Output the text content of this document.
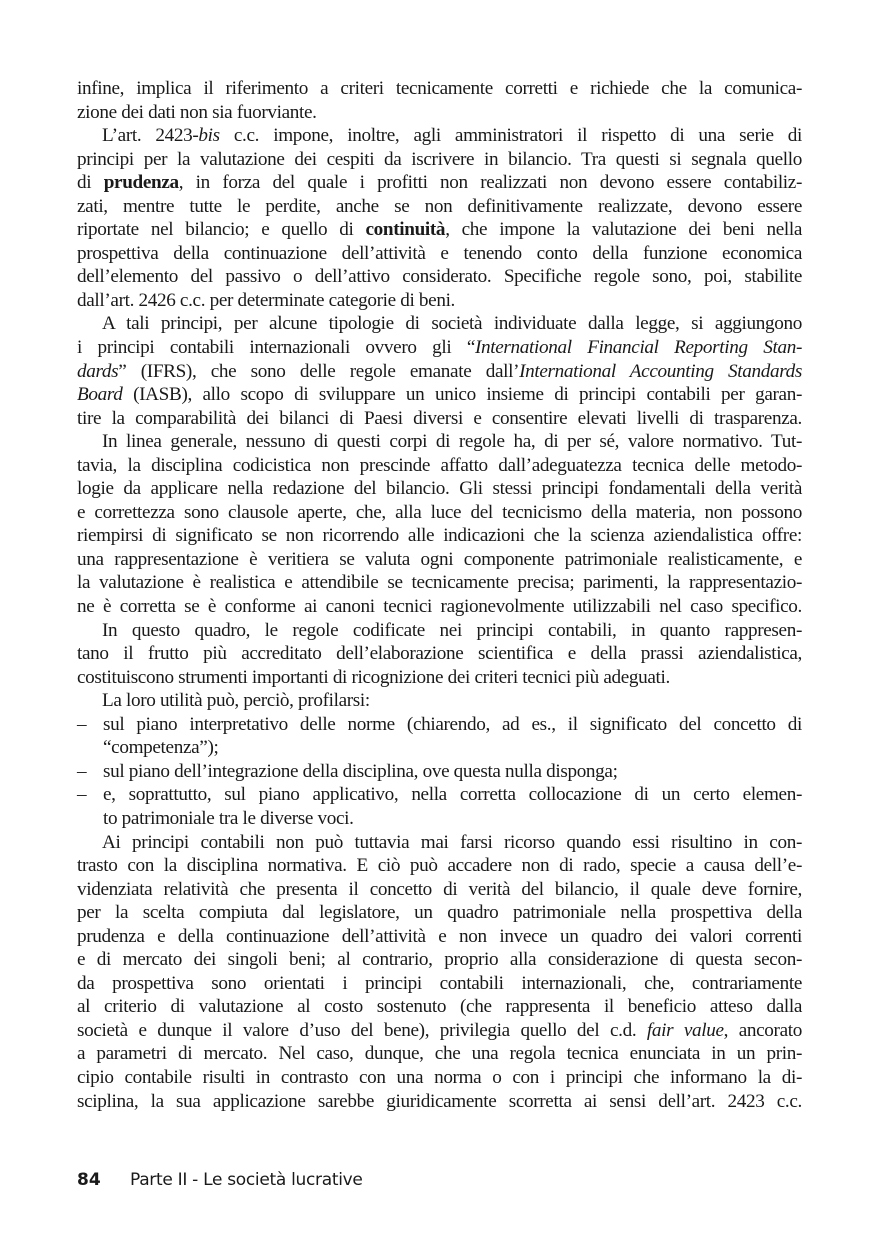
infine, implica il riferimento a criteri tecnicamente corretti e richiede che la comunica-
zione dei dati non sia fuorviante.
L’art. 2423-bis c.c. impone, inoltre, agli amministratori il rispetto di una serie di
principi per la valutazione dei cespiti da iscrivere in bilancio. Tra questi si segnala quello
di prudenza, in forza del quale i profitti non realizzati non devono essere contabiliz-
zati, mentre tutte le perdite, anche se non definitivamente realizzate, devono essere
riportate nel bilancio; e quello di continuità, che impone la valutazione dei beni nella
prospettiva della continuazione dell’attività e tenendo conto della funzione economica
dell’elemento del passivo o dell’attivo considerato. Specifiche regole sono, poi, stabilite
dall’art. 2426 c.c. per determinate categorie di beni.
A tali principi, per alcune tipologie di società individuate dalla legge, si aggiungono
i principi contabili internazionali ovvero gli “International Financial Reporting Stan-
dards” (IFRS), che sono delle regole emanate dall’International Accounting Standards
Board (IASB), allo scopo di sviluppare un unico insieme di principi contabili per garan-
tire la comparabilità dei bilanci di Paesi diversi e consentire elevati livelli di trasparenza.
In linea generale, nessuno di questi corpi di regole ha, di per sé, valore normativo. Tut-
tavia, la disciplina codicistica non prescinde affatto dall’adeguatezza tecnica delle metodo-
logie da applicare nella redazione del bilancio. Gli stessi principi fondamentali della verità
e correttezza sono clausole aperte, che, alla luce del tecnicismo della materia, non possono
riempirsi di significato se non ricorrendo alle indicazioni che la scienza aziendalistica offre:
una rappresentazione è veritiera se valuta ogni componente patrimoniale realisticamente, e
la valutazione è realistica e attendibile se tecnicamente precisa; parimenti, la rappresentazio-
ne è corretta se è conforme ai canoni tecnici ragionevolmente utilizzabili nel caso specifico.
In questo quadro, le regole codificate nei principi contabili, in quanto rappresen-
tano il frutto più accreditato dell’elaborazione scientifica e della prassi aziendalistica,
costituiscono strumenti importanti di ricognizione dei criteri tecnici più adeguati.
La loro utilità può, perciò, profilarsi:
– sul piano interpretativo delle norme (chiarendo, ad es., il significato del concetto di
“competenza”);
– sul piano dell’integrazione della disciplina, ove questa nulla disponga;
– e, soprattutto, sul piano applicativo, nella corretta collocazione di un certo elemen-
to patrimoniale tra le diverse voci.
Ai principi contabili non può tuttavia mai farsi ricorso quando essi risultino in con-
trasto con la disciplina normativa. E ciò può accadere non di rado, specie a causa dell’e-
videnziata relatività che presenta il concetto di verità del bilancio, il quale deve fornire,
per la scelta compiuta dal legislatore, un quadro patrimoniale nella prospettiva della
prudenza e della continuazione dell’attività e non invece un quadro dei valori correnti
e di mercato dei singoli beni; al contrario, proprio alla considerazione di questa secon-
da prospettiva sono orientati i principi contabili internazionali, che, contrariamente
al criterio di valutazione al costo sostenuto (che rappresenta il beneficio atteso dalla
società e dunque il valore d’uso del bene), privilegia quello del c.d. fair value, ancorato
a parametri di mercato. Nel caso, dunque, che una regola tecnica enunciata in un prin-
cipio contabile risulti in contrasto con una norma o con i principi che informano la di-
sciplina, la sua applicazione sarebbe giuridicamente scorretta ai sensi dell’art. 2423 c.c.
84 Parte II - Le società lucrative
